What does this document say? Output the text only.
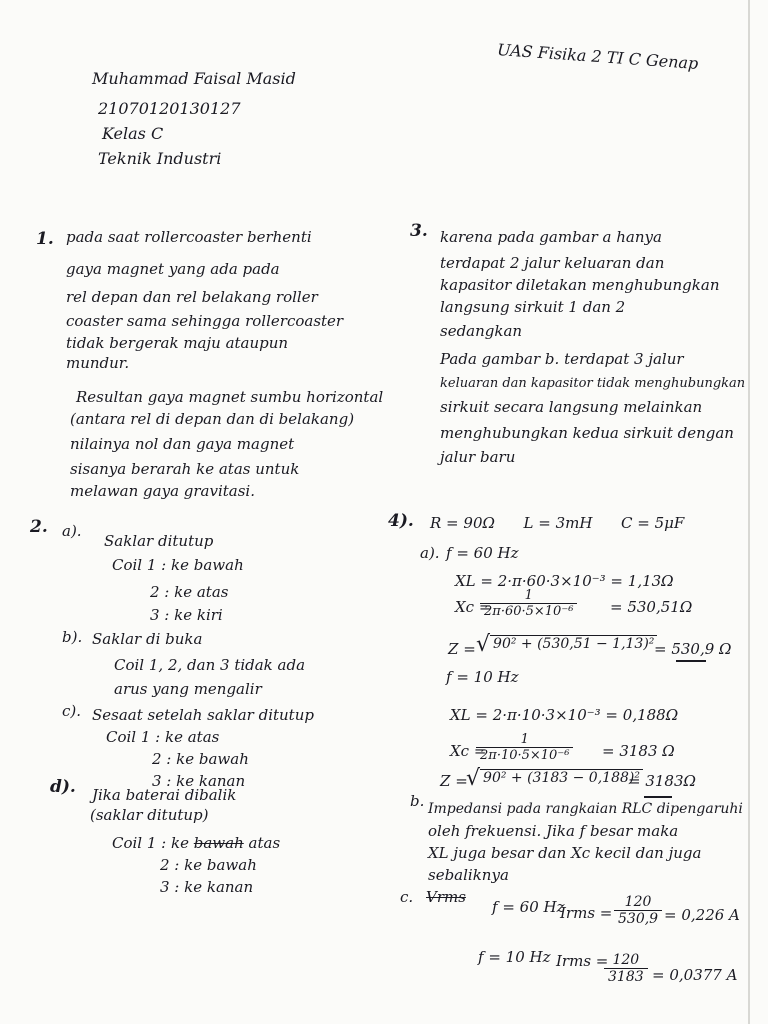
UAS Fisika 2 TI C Genap
Muhammad Faisal Masid
21070120130127
Kelas C
Teknik Industri
1. pada saat rollercoaster berhenti
gaya magnet yang ada pada
rel depan dan rel belakang roller
coaster sama sehingga rollercoaster
tidak bergerak maju ataupun
mundur.
Resultan gaya magnet sumbu horizontal
(antara rel di depan dan di belakang)
nilainya nol dan gaya magnet
sisanya berarah ke atas untuk
melawan gaya gravitasi.
2. a).
Saklar ditutup
Coil 1 : ke bawah
2 : ke atas
3 : ke kiri
b). Saklar di buka
Coil 1, 2, dan 3 tidak ada
arus yang mengalir
c). Sesaat setelah saklar ditutup
Coil 1 : ke atas
2 : ke bawah
3 : ke kanan
d). Jika baterai dibalik
(saklar ditutup)
Coil 1 : ke bawah atas
2 : ke bawah
3 : ke kanan
3. karena pada gambar a hanya
terdapat 2 jalur keluaran dan
kapasitor diletakan menghubungkan
langsung sirkuit 1 dan 2
sedangkan
Pada gambar b. terdapat 3 jalur
keluaran dan kapasitor tidak menghubungkan
sirkuit secara langsung melainkan
menghubungkan kedua sirkuit dengan
jalur baru
4). R = 90Ω      L = 3mH      C = 5μF
a). f = 60 Hz
XL = 2·π·60·3×10⁻³ = 1,13Ω
Xc =
$\frac{1}{\text{2π·60·5×10⁻⁶}} = 530,51\Omega$
Z = √ 90² + (530,51 − 1,13)² = 530,9 Ω
f = 10 Hz
XL = 2·π·10·3×10⁻³ = 0,188Ω
Xc =
$\frac{1}{\text{2π·10·5×10⁻⁶}} = 3183$ Ω
Z =
√ 90² + (3183 − 0,188)²
= 3183Ω
b. Impedansi pada rangkaian RLC dipengaruhi
oleh frekuensi. Jika f besar maka
XL juga besar dan Xc kecil dan juga
sebaliknya
c. Vrms
f = 60 Hz
Irms = $\frac{120}{530,9} = 0,226$ A
f = 10 Hz Irms =
$\frac{120}{3183} = 0,0377$ A
